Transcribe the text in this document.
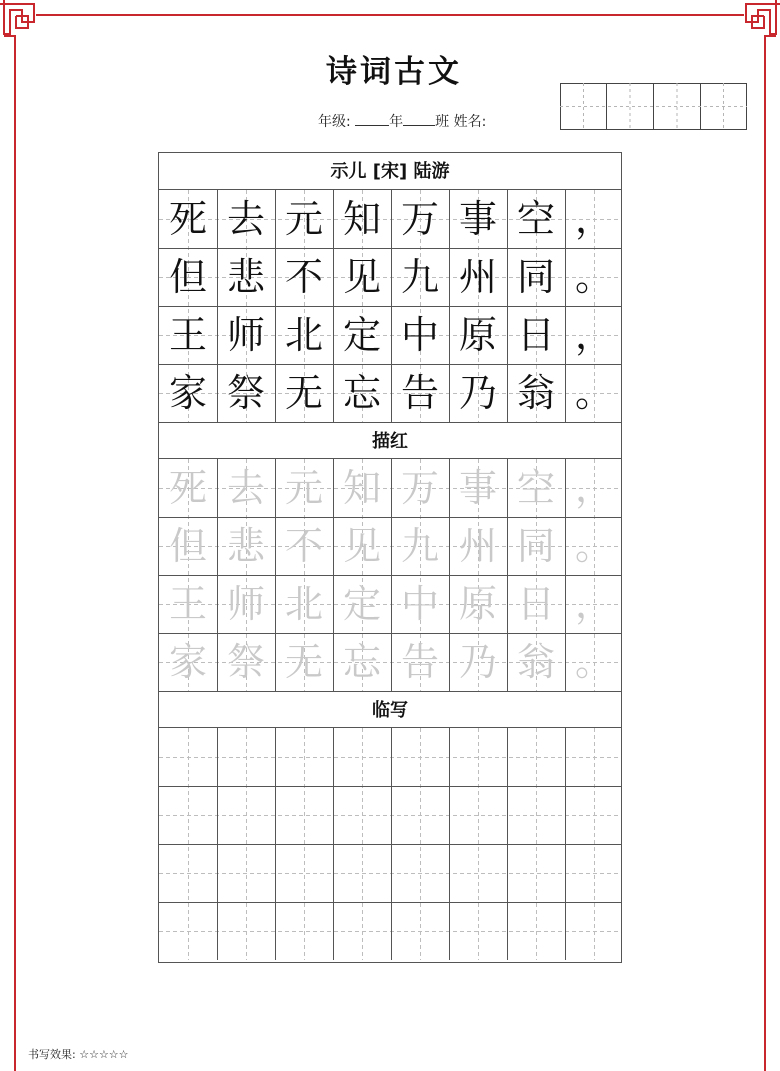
诗词古文
年级:	年 班 姓名:
示儿 [宋] 陆游
死 去 元 知 万 事 空 ，
但 悲 不 见 九 州 同 。
王 师 北 定 中 原 日 ，
家 祭 无 忘 告 乃 翁 。
描红
死 去 元 知 万 事 空 ，
但 悲 不 见 九 州 同 。
王 师 北 定 中 原 日 ，
家 祭 无 忘 告 乃 翁 。
临写
书写效果: ☆☆☆☆☆
